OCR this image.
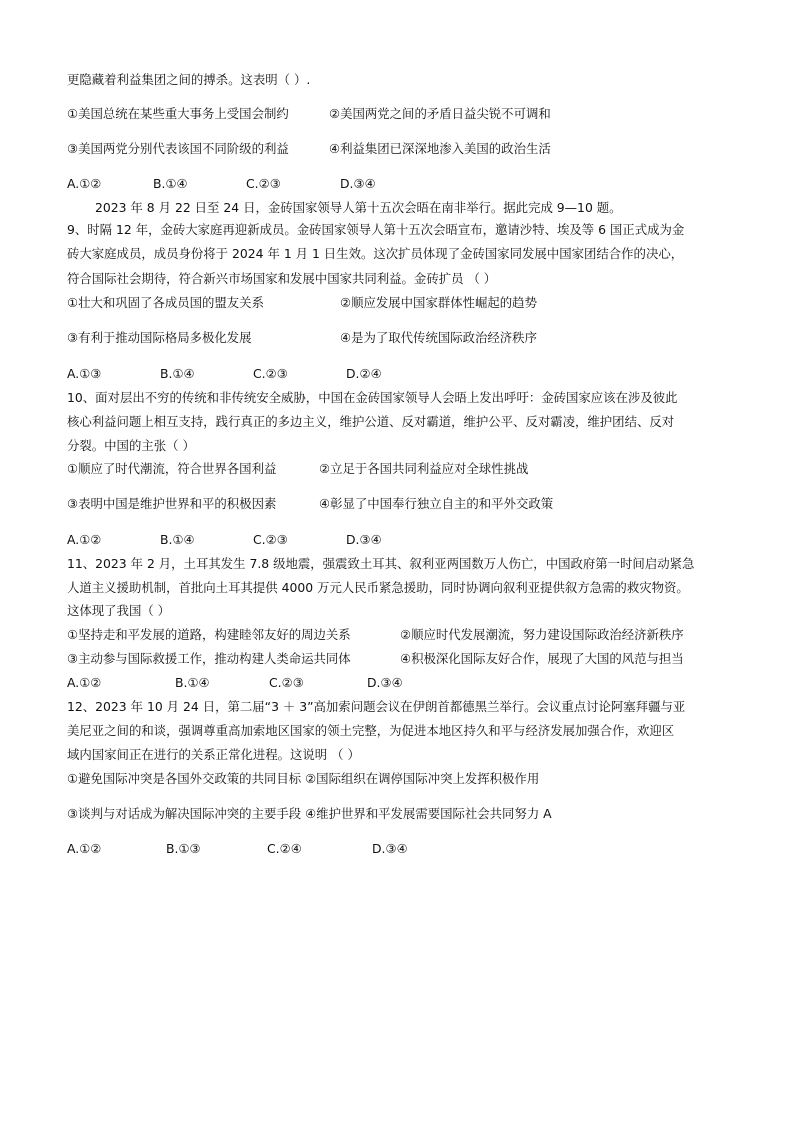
更隐藏着利益集团之间的搏杀。这表明（ ）.
①美国总统在某些重大事务上受国会制约	②美国两党之间的矛盾日益尖锐不可调和
③美国两党分别代表该国不同阶级的利益	④利益集团已深深地渗入美国的政治生活
A.①②	B.①④	C.②③	D.③④
2023 年 8 月 22 日至 24 日，金砖国家领导人第十五次会晤在南非举行。据此完成 9—10 题。
9、时隔 12 年，金砖大家庭再迎新成员。金砖国家领导人第十五次会晤宣布，邀请沙特、埃及等 6 国正式成为金
砖大家庭成员，成员身份将于 2024 年 1 月 1 日生效。这次扩员体现了金砖国家同发展中国家团结合作的决心，
符合国际社会期待，符合新兴市场国家和发展中国家共同利益。金砖扩员 （ ）
①壮大和巩固了各成员国的盟友关系	②顺应发展中国家群体性崛起的趋势
③有利于推动国际格局多极化发展	④是为了取代传统国际政治经济秩序
A.①③	B.①④	C.②③	D.②④
10、面对层出不穷的传统和非传统安全威胁，中国在金砖国家领导人会晤上发出呼吁：金砖国家应该在涉及彼此
核心利益问题上相互支持，践行真正的多边主义，维护公道、反对霸道，维护公平、反对霸凌，维护团结、反对
分裂。中国的主张（ ）
①顺应了时代潮流，符合世界各国利益	②立足于各国共同利益应对全球性挑战
③表明中国是维护世界和平的积极因素	④彰显了中国奉行独立自主的和平外交政策
A.①②	B.①④	C.②③	D.③④
11、2023 年 2 月，土耳其发生 7.8 级地震，强震致土耳其、叙利亚两国数万人伤亡，中国政府第一时间启动紧急
人道主义援助机制，首批向土耳其提供 4000 万元人民币紧急援助，同时协调向叙利亚提供叙方急需的救灾物资。
这体现了我国（ ）
①坚持走和平发展的道路，构建睦邻友好的周边关系	②顺应时代发展潮流，努力建设国际政治经济新秩序
③主动参与国际救援工作，推动构建人类命运共同体	④积极深化国际友好合作，展现了大国的风范与担当
A.①②	B.①④	C.②③	D.③④
12、2023 年 10 月 24 日，第二届“3 ＋ 3”高加索问题会议在伊朗首都德黑兰举行。会议重点讨论阿塞拜疆与亚
美尼亚之间的和谈，强调尊重高加索地区国家的领土完整，为促进本地区持久和平与经济发展加强合作，欢迎区
域内国家间正在进行的关系正常化进程。这说明 （ ）
①避免国际冲突是各国外交政策的共同目标 ②国际组织在调停国际冲突上发挥积极作用
③谈判与对话成为解决国际冲突的主要手段 ④维护世界和平发展需要国际社会共同努力 A
A.①②	B.①③	C.②④	D.③④
